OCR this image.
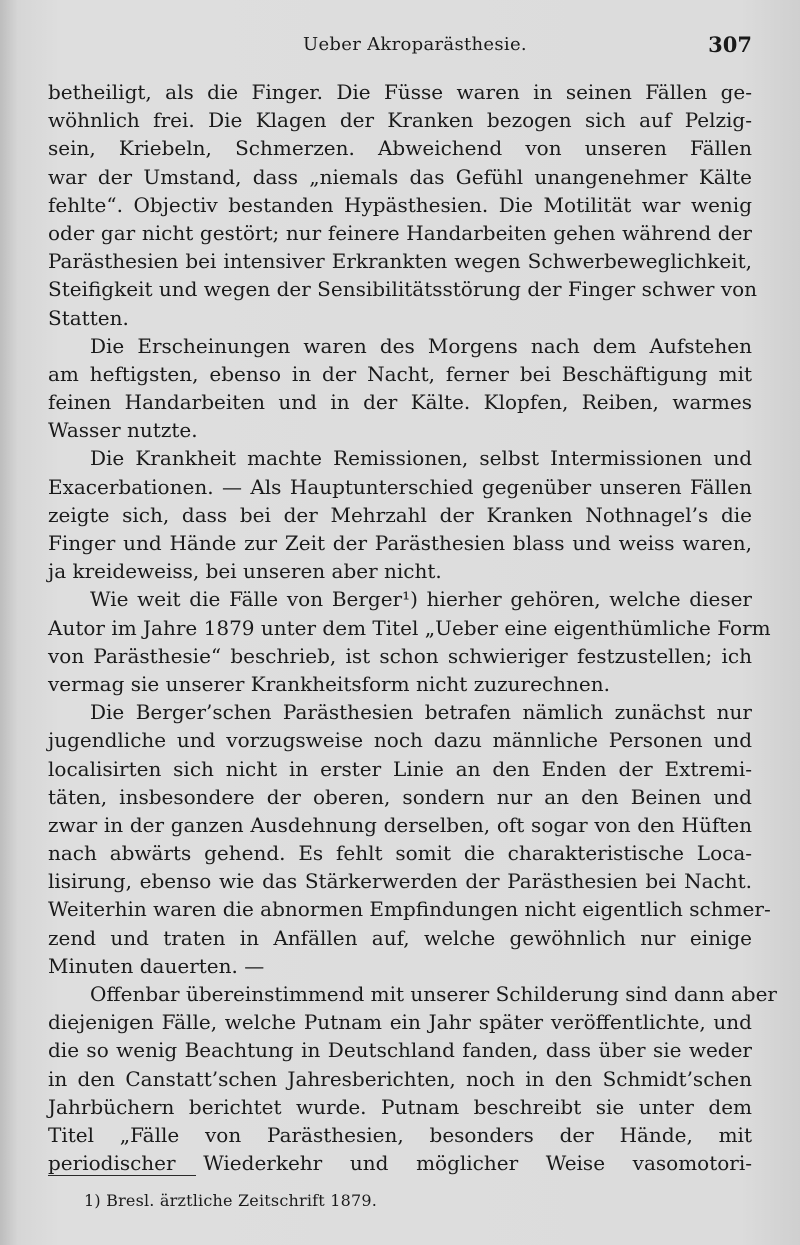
Ueber Akroparästhesie.	307
betheiligt, als die Finger. Die Füsse waren in seinen Fällen ge-
wöhnlich frei. Die Klagen der Kranken bezogen sich auf Pelzig-
sein, Kriebeln, Schmerzen. Abweichend von unseren Fällen
war der Umstand, dass „niemals das Gefühl unangenehmer Kälte
fehlte“. Objectiv bestanden Hypästhesien. Die Motilität war wenig
oder gar nicht gestört; nur feinere Handarbeiten gehen während der
Parästhesien bei intensiver Erkrankten wegen Schwerbeweglichkeit,
Steifigkeit und wegen der Sensibilitätsstörung der Finger schwer von
Statten.
Die Erscheinungen waren des Morgens nach dem Aufstehen
am heftigsten, ebenso in der Nacht, ferner bei Beschäftigung mit
feinen Handarbeiten und in der Kälte. Klopfen, Reiben, warmes
Wasser nutzte.
Die Krankheit machte Remissionen, selbst Intermissionen und
Exacerbationen. — Als Hauptunterschied gegenüber unseren Fällen
zeigte sich, dass bei der Mehrzahl der Kranken Nothnagel’s die
Finger und Hände zur Zeit der Parästhesien blass und weiss waren,
ja kreideweiss, bei unseren aber nicht.
Wie weit die Fälle von Berger¹) hierher gehören, welche dieser
Autor im Jahre 1879 unter dem Titel „Ueber eine eigenthümliche Form
von Parästhesie“ beschrieb, ist schon schwieriger festzustellen; ich
vermag sie unserer Krankheitsform nicht zuzurechnen.
Die Berger’schen Parästhesien betrafen nämlich zunächst nur
jugendliche und vorzugsweise noch dazu männliche Personen und
localisirten sich nicht in erster Linie an den Enden der Extremi-
täten, insbesondere der oberen, sondern nur an den Beinen und
zwar in der ganzen Ausdehnung derselben, oft sogar von den Hüften
nach abwärts gehend. Es fehlt somit die charakteristische Loca-
lisirung, ebenso wie das Stärkerwerden der Parästhesien bei Nacht.
Weiterhin waren die abnormen Empfindungen nicht eigentlich schmer-
zend und traten in Anfällen auf, welche gewöhnlich nur einige
Minuten dauerten. —
Offenbar übereinstimmend mit unserer Schilderung sind dann aber
diejenigen Fälle, welche Putnam ein Jahr später veröffentlichte, und
die so wenig Beachtung in Deutschland fanden, dass über sie weder
in den Canstatt’schen Jahresberichten, noch in den Schmidt’schen
Jahrbüchern berichtet wurde. Putnam beschreibt sie unter dem
Titel „Fälle von Parästhesien, besonders der Hände, mit
periodischer Wiederkehr und möglicher Weise vasomotori-
1) Bresl. ärztliche Zeitschrift 1879.
